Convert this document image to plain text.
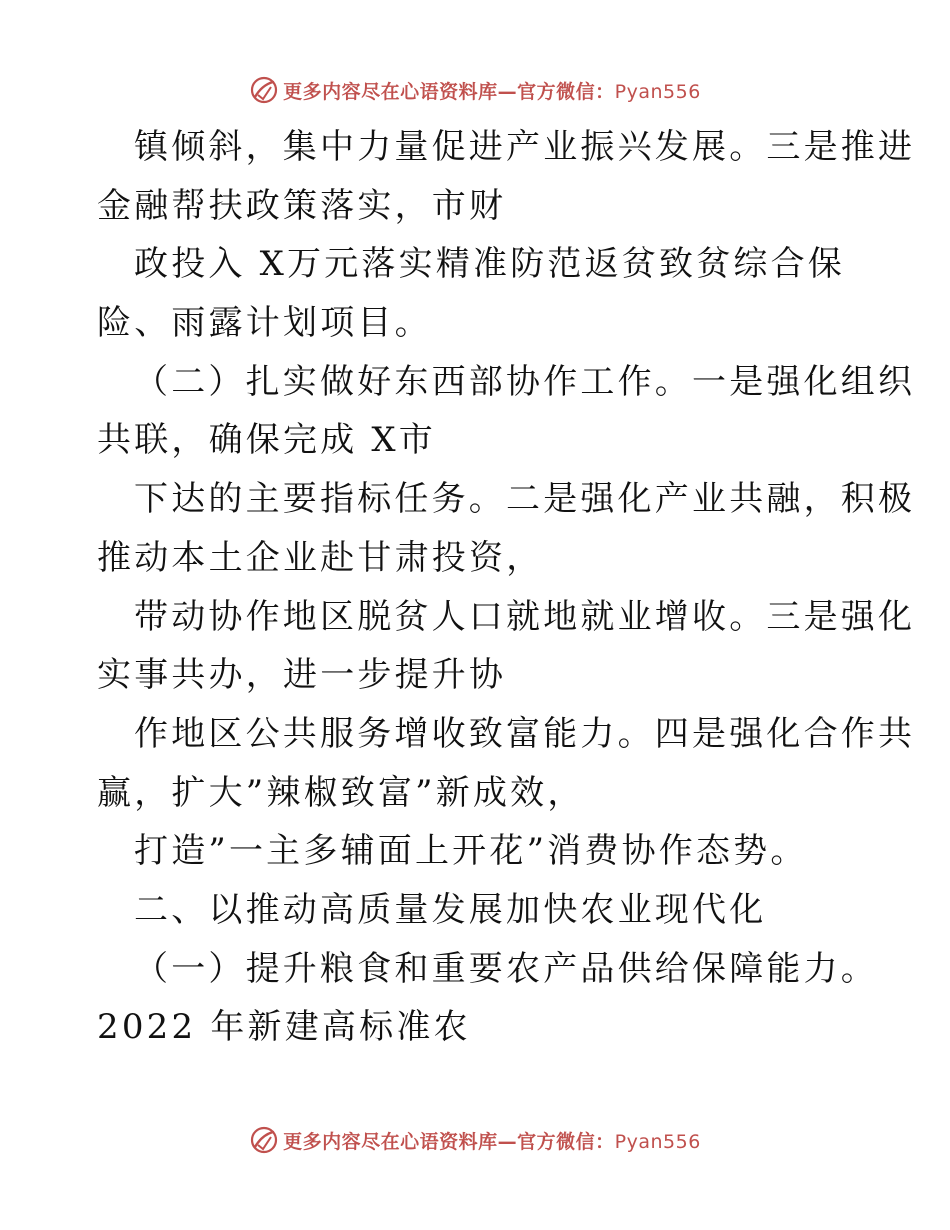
更多内容尽在心语资料库—官方微信：Pyan556
镇倾斜，集中力量促进产业振兴发展。三是推进
金融帮扶政策落实，市财
政投入 X万元落实精准防范返贫致贫综合保
险、雨露计划项目。
（二）扎实做好东西部协作工作。一是强化组织
共联，确保完成 X市
下达的主要指标任务。二是强化产业共融，积极
推动本土企业赴甘肃投资，
带动协作地区脱贫人口就地就业增收。三是强化
实事共办，进一步提升协
作地区公共服务增收致富能力。四是强化合作共
赢，扩大”辣椒致富”新成效，
打造”一主多辅面上开花”消费协作态势。
二、以推动高质量发展加快农业现代化
（一）提升粮食和重要农产品供给保障能力。
2022 年新建高标准农
更多内容尽在心语资料库—官方微信：Pyan556
